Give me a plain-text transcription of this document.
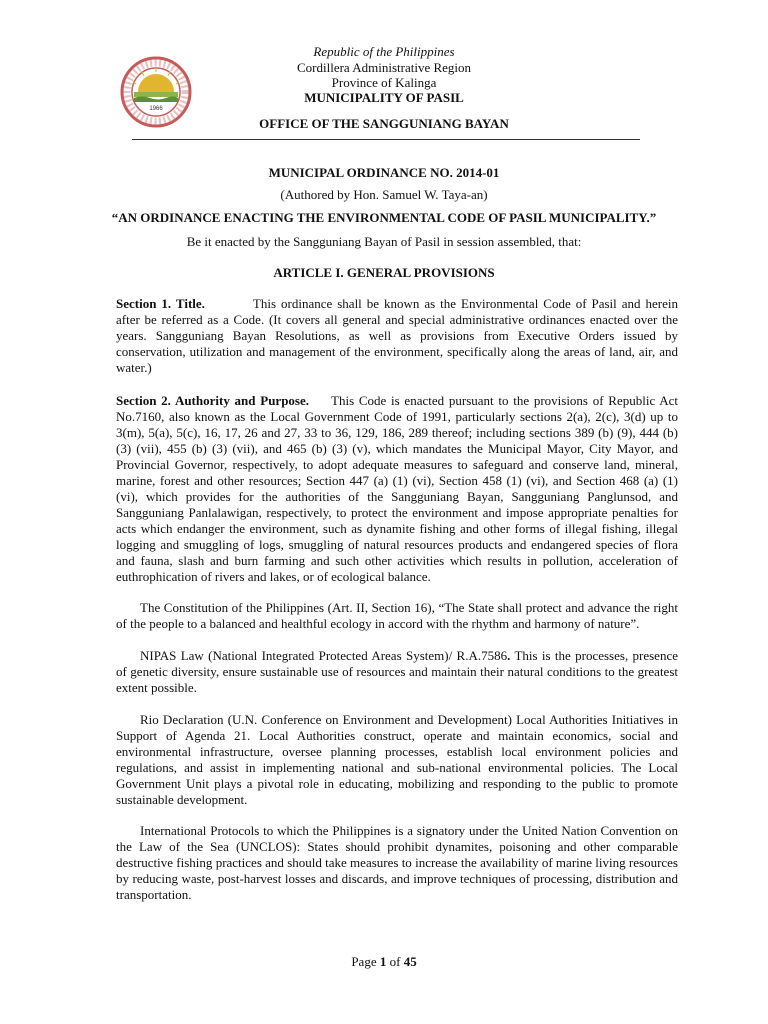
1966
Republic of the Philippines
Cordillera Administrative Region
Province of Kalinga
MUNICIPALITY OF PASIL
OFFICE OF THE SANGGUNIANG BAYAN
MUNICIPAL ORDINANCE NO. 2014-01
(Authored by Hon. Samuel W. Taya-an)
“AN ORDINANCE ENACTING THE ENVIRONMENTAL CODE OF PASIL MUNICIPALITY.”
Be it enacted by the Sangguniang Bayan of Pasil in session assembled, that:
ARTICLE I. GENERAL PROVISIONS
Section 1. Title.	This ordinance shall be known as the Environmental Code of Pasil and herein after be referred as a Code. (It covers all general and special administrative ordinances enacted over the years. Sangguniang Bayan Resolutions, as well as provisions from Executive Orders issued by conservation, utilization and management of the environment, specifically along the areas of land, air, and water.)
Section 2. Authority and Purpose. This Code is enacted pursuant to the provisions of Republic Act No.7160, also known as the Local Government Code of 1991, particularly sections 2(a), 2(c), 3(d) up to 3(m), 5(a), 5(c), 16, 17, 26 and 27, 33 to 36, 129, 186, 289 thereof; including sections 389 (b) (9), 444 (b) (3) (vii), 455 (b) (3) (vii), and 465 (b) (3) (v), which mandates the Municipal Mayor, City Mayor, and Provincial Governor, respectively, to adopt adequate measures to safeguard and conserve land, mineral, marine, forest and other resources; Section 447 (a) (1) (vi), Section 458 (1) (vi), and Section 468 (a) (1) (vi), which provides for the authorities of the Sangguniang Bayan, Sangguniang Panglunsod, and Sangguniang Panlalawigan, respectively, to protect the environment and impose appropriate penalties for acts which endanger the environment, such as dynamite fishing and other forms of illegal fishing, illegal logging and smuggling of logs, smuggling of natural resources products and endangered species of flora and fauna, slash and burn farming and such other activities which results in pollution, acceleration of euthrophication of rivers and lakes, or of ecological balance.
The Constitution of the Philippines (Art. II, Section 16), “The State shall protect and advance the right of the people to a balanced and healthful ecology in accord with the rhythm and harmony of nature”.
NIPAS Law (National Integrated Protected Areas System)/ R.A.7586. This is the processes, presence of genetic diversity, ensure sustainable use of resources and maintain their natural conditions to the greatest extent possible.
Rio Declaration (U.N. Conference on Environment and Development) Local Authorities Initiatives in Support of Agenda 21. Local Authorities construct, operate and maintain economics, social and environmental infrastructure, oversee planning processes, establish local environment policies and regulations, and assist in implementing national and sub-national environmental policies. The Local Government Unit plays a pivotal role in educating, mobilizing and responding to the public to promote sustainable development.
International Protocols to which the Philippines is a signatory under the United Nation Convention on the Law of the Sea (UNCLOS): States should prohibit dynamites, poisoning and other comparable destructive fishing practices and should take measures to increase the availability of marine living resources by reducing waste, post-harvest losses and discards, and improve techniques of processing, distribution and transportation.
Page 1 of 45
